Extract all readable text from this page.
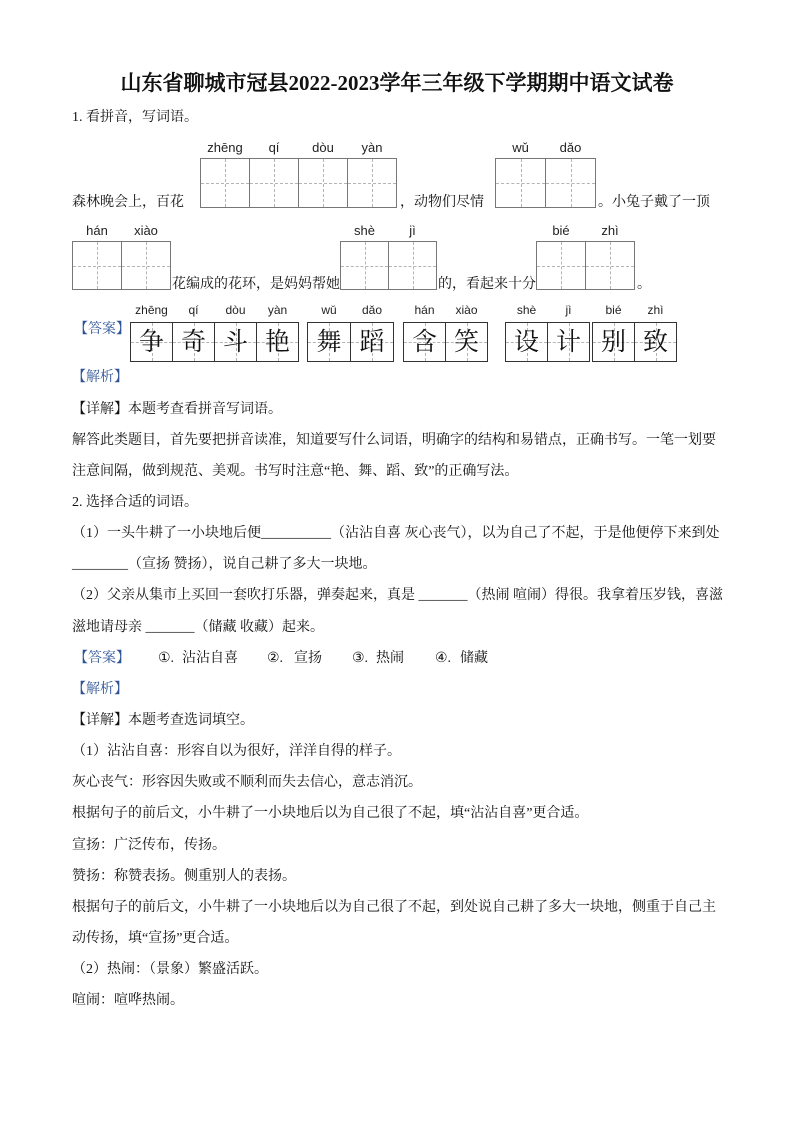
山东省聊城市冠县2022-2023学年三年级下学期期中语文试卷
1. 看拼音，写词语。
森林晚会上，百花
zhēng	qí	dòu	yàn
，动物们尽情
wǔ	dǎo
。小兔子戴了一顶
hán	xiào
花编成的花环，是妈妈帮她
shè	jì
的，看起来十分
bié	zhì
。
【答案】
zhēng
争
qí
奇
dòu
斗
yàn
艳
wǔ
舞
dǎo
蹈
hán
含
xiào
笑
shè
设
jì
计
bié
别
zhì
致
【解析】
【详解】本题考查看拼音写词语。
解答此类题目，首先要把拼音读准，知道要写什么词语，明确字的结构和易错点，正确书写。一笔一划要
注意间隔，做到规范、美观。书写时注意“艳、舞、蹈、致”的正确写法。
2. 选择合适的词语。
（1）一头牛耕了一小块地后便__________（沾沾自喜 灰心丧气），以为自己了不起，于是他便停下来到处
________（宣扬 赞扬），说自己耕了多大一块地。
（2）父亲从集市上买回一套吹打乐器，弹奏起来，真是 _______（热闹 喧闹）得很。我拿着压岁钱，喜滋
滋地请母亲 _______（储藏 收藏）起来。
【答案】 ①. 沾沾自喜 ②. 宣扬 ③. 热闹 ④. 储藏
【解析】
【详解】本题考查选词填空。
（1）沾沾自喜：形容自以为很好，洋洋自得的样子。
灰心丧气：形容因失败或不顺利而失去信心，意志消沉。
根据句子的前后文，小牛耕了一小块地后以为自己很了不起，填“沾沾自喜”更合适。
宣扬：广泛传布，传扬。
赞扬：称赞表扬。侧重别人的表扬。
根据句子的前后文，小牛耕了一小块地后以为自己很了不起，到处说自己耕了多大一块地，侧重于自己主
动传扬，填“宣扬”更合适。
（2）热闹：（景象）繁盛活跃。
喧闹：喧哗热闹。
